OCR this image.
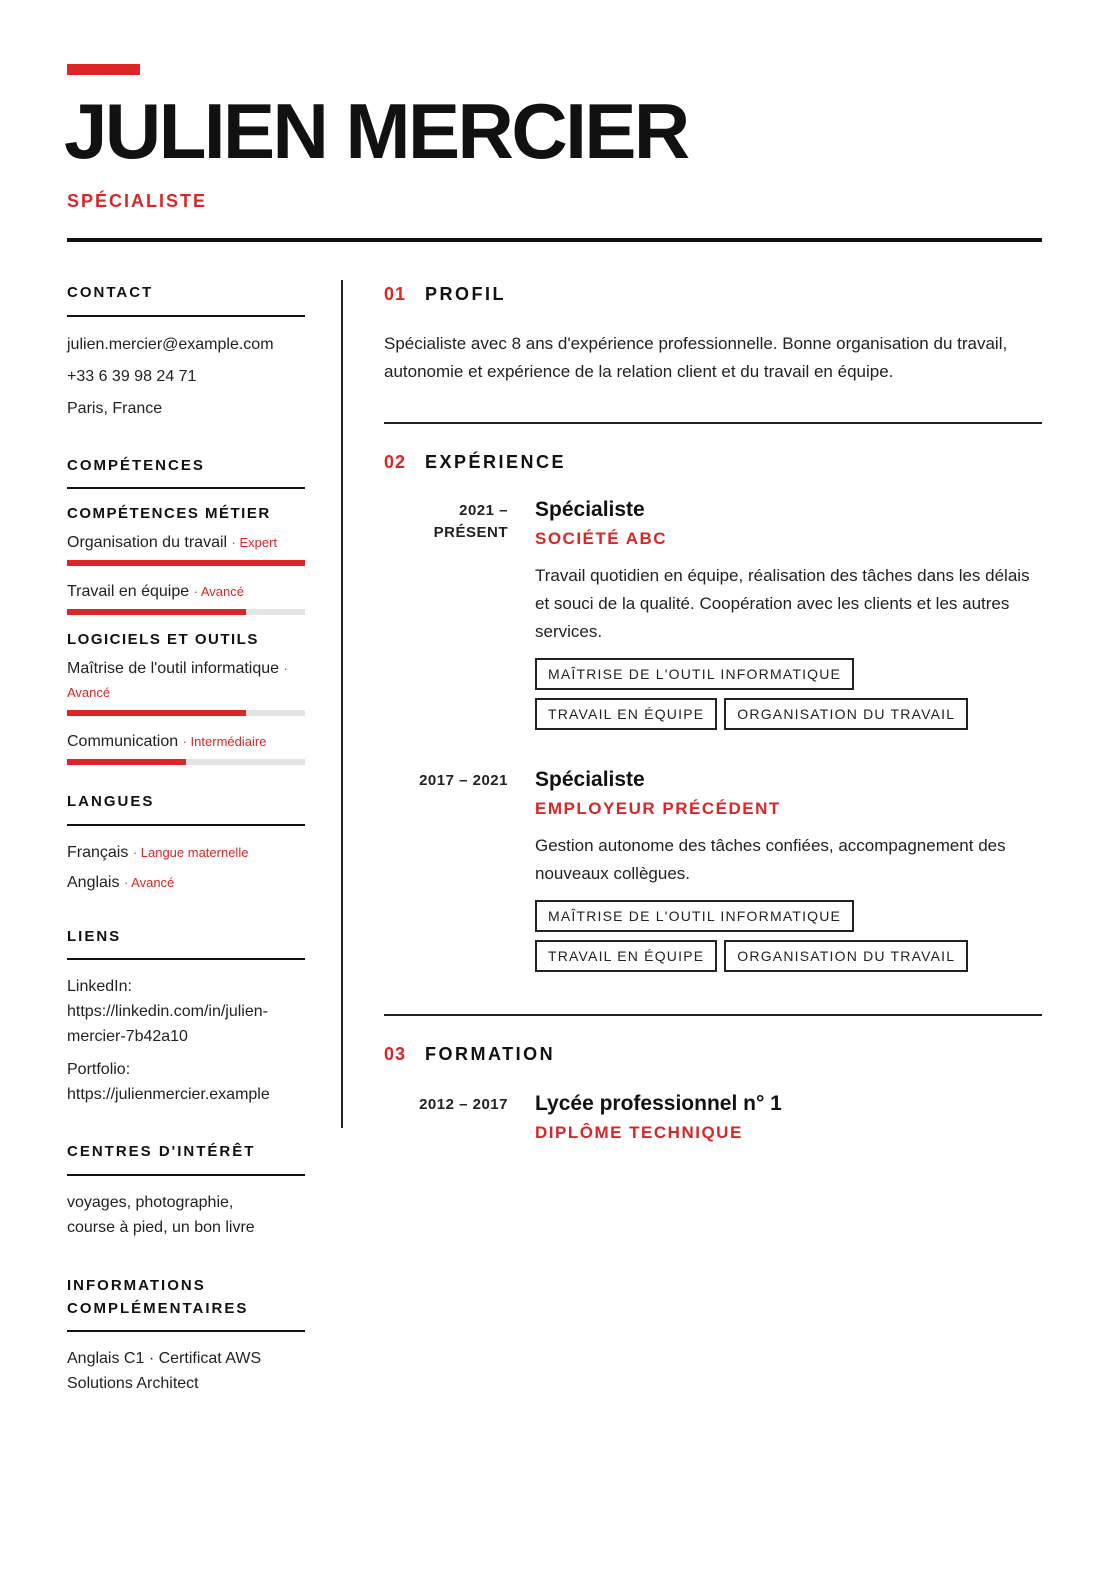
JULIEN MERCIER
SPÉCIALISTE
CONTACT
julien.mercier@example.com
+33 6 39 98 24 71
Paris, France
COMPÉTENCES
COMPÉTENCES MÉTIER
Organisation du travail · Expert
Travail en équipe · Avancé
LOGICIELS ET OUTILS
Maîtrise de l'outil informatique · Avancé
Communication · Intermédiaire
LANGUES
Français · Langue maternelle
Anglais · Avancé
LIENS
LinkedIn:
https://linkedin.com/in/julien-
mercier-7b42a10
Portfolio:
https://julienmercier.example
CENTRES D'INTÉRÊT
voyages, photographie,
course à pied, un bon livre
INFORMATIONS
COMPLÉMENTAIRES
Anglais C1 · Certificat AWS
Solutions Architect
01	PROFIL

Spécialiste avec 8 ans d'expérience professionnelle. Bonne organisation du travail, autonomie et expérience de la relation client et du travail en équipe.

02	EXPÉRIENCE
2021 –
PRÉSENT
Spécialiste
SOCIÉTÉ ABC

Travail quotidien en équipe, réalisation des tâches dans les délais et souci de la qualité. Coopération avec les clients et les autres services.

MAÎTRISE DE L'OUTIL INFORMATIQUE
TRAVAIL EN ÉQUIPE	ORGANISATION DU TRAVAIL
2017 – 2021 Spécialiste
EMPLOYEUR PRÉCÉDENT

Gestion autonome des tâches confiées, accompagnement des nouveaux collègues.

MAÎTRISE DE L'OUTIL INFORMATIQUE
TRAVAIL EN ÉQUIPE	ORGANISATION DU TRAVAIL
03	FORMATION
2012 – 2017 Lycée professionnel n° 1
DIPLÔME TECHNIQUE
